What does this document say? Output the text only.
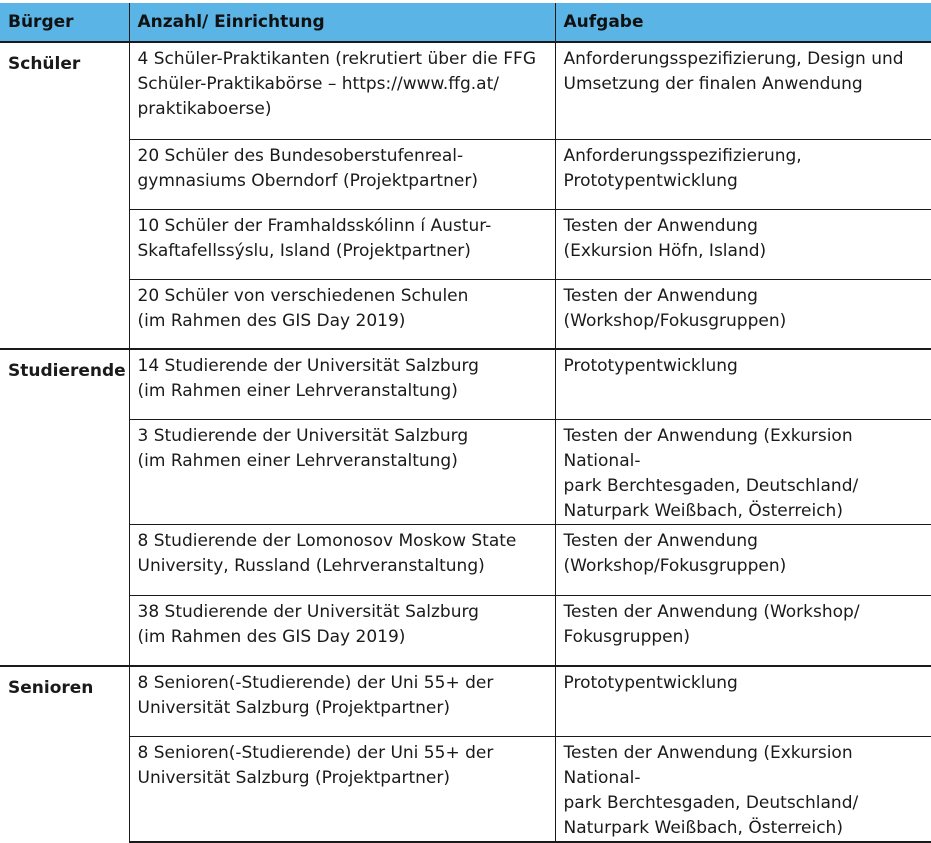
Bürger	Anzahl/ Einrichtung	Aufgabe
Schüler	4 Schüler-Praktikanten (rekrutiert über die FFG
Schüler-Praktikabörse – https://www.ffg.at/
praktikaboerse)	Anforderungsspezifizierung, Design und
Umsetzung der finalen Anwendung
	20 Schüler des Bundesoberstufenreal-
gymnasiums Oberndorf (Projektpartner)	Anforderungsspezifizierung,
Prototypentwicklung
	10 Schüler der Framhaldsskólinn í Austur-
Skaftafellssýslu, Island (Projektpartner)	Testen der Anwendung
(Exkursion Höfn, Island)
	20 Schüler von verschiedenen Schulen
(im Rahmen des GIS Day 2019)	Testen der Anwendung
(Workshop/Fokusgruppen)
Studierende	14 Studierende der Universität Salzburg
(im Rahmen einer Lehrveranstaltung)	Prototypentwicklung
	3 Studierende der Universität Salzburg
(im Rahmen einer Lehrveranstaltung)	Testen der Anwendung (Exkursion National-
park Berchtesgaden, Deutschland/
Naturpark Weißbach, Österreich)
	8 Studierende der Lomonosov Moskow State
University, Russland (Lehrveranstaltung)	Testen der Anwendung
(Workshop/Fokusgruppen)
	38 Studierende der Universität Salzburg
(im Rahmen des GIS Day 2019)	Testen der Anwendung (Workshop/
Fokusgruppen)
Senioren	8 Senioren(-Studierende) der Uni 55+ der
Universität Salzburg (Projektpartner)	Prototypentwicklung
	8 Senioren(-Studierende) der Uni 55+ der
Universität Salzburg (Projektpartner)	Testen der Anwendung (Exkursion National-
park Berchtesgaden, Deutschland/
Naturpark Weißbach, Österreich)
